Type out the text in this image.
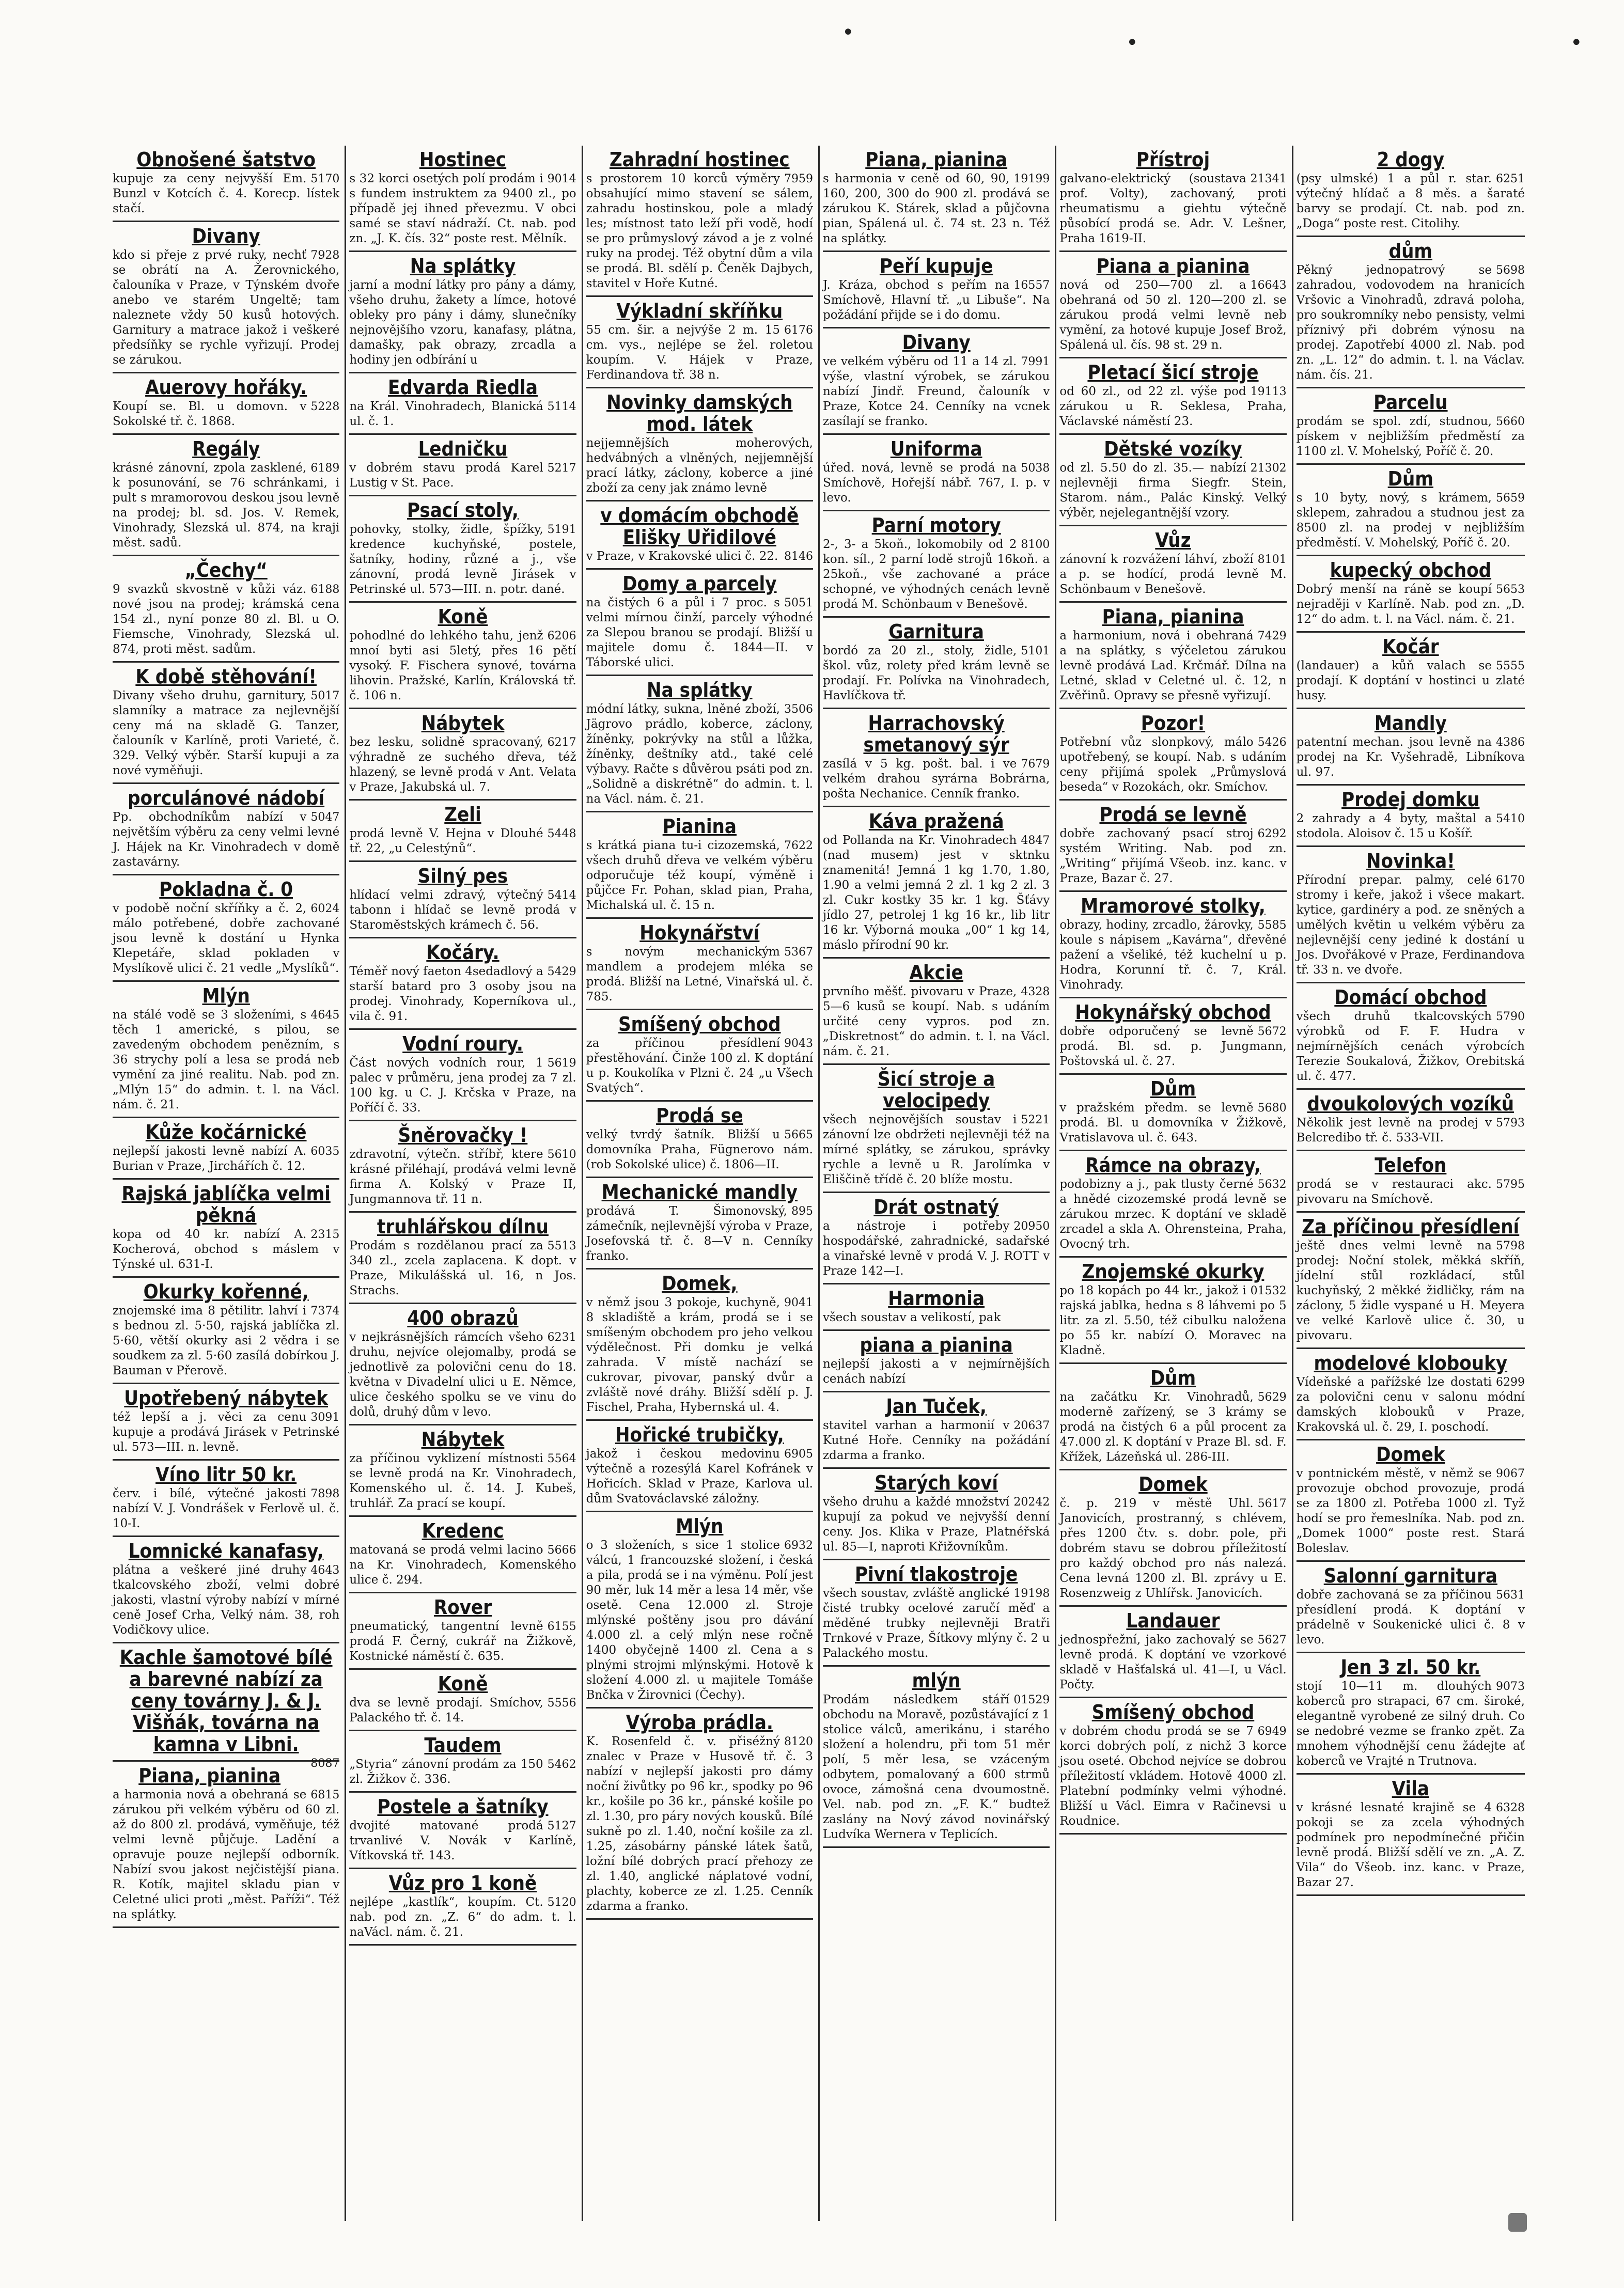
•	•	•
Obnošené šatstvo

5170
kupuje za ceny nejvyšší Em. Bunzl v Kotcích č. 4. Korесp. lístek stačí.

Divany

7928
kdo si přeje z prvé ruky, nechť se obrátí na A. Žerovnického, čalouníka v Praze, v Týnském dvoře anebo ve starém Ungeltě; tam naleznete vždy 50 kusů hotových. Garnitury a matrace jakož i veškeré předsíňky se rychle vyřizují. Prodej se zárukou.

Auerovy hořáky.

5228
Koupí se. Bl. u domovn. v Sokolské tř. č. 1868.

Regály

6189
krásné zánovní, zpola zasklené, k posunování, se 76 schránkami, i pult s mramorovou deskou jsou levně na prodej; bl. sd. Jos. V. Remek, Vinohrady, Slezská ul. 874, na kraji měst. sadů.

„Čechy“

6188
9 svazků skvostně v kůži váz. nové jsou na prodej; krámská cena 154 zl., nyní ponze 80 zl. Bl. u O. Fiemsche, Vinohrady, Slezská ul. 874, proti měst. sadům.

K době stěhování!

5017
Divany všeho druhu, garnitury, slamníky a matrace za nejlevnější ceny má na skladě G. Tanzer, čalouník v Karlíně, proti Varieté, č. 329. Velký výběr. Starší kupuji a za nové vyměňuji.

porculánové nádobí

5047
Pp. obchodníkům nabízí v největším výběru za ceny velmi levné J. Hájek na Kr. Vinohradech v domě zastavárny.

Pokladna č. 0

6024
v podobě noční skříňky a č. 2, málo potřebené, dobře zachované jsou levně k dostání u Hynka Klepetáře, sklad pokladen v Myslíkově ulici č. 21 vedle „Myslíků“.

Mlýn

4645
na stálé vodě se 3 složeními, s těch 1 americké, s pilou, se zavedeným obchodem penězním, s 36 strychy polí a lesa se prodá neb vymění za jiné realitu. Nab. pod zn. „Mlýn 15“ do admin. t. l. na Václ. nám. č. 21.

Kůže kočárnické

6035
nejlepší jakosti levně nabízí A. Burian v Praze, Jirchářích č. 12.

Rajská jablíčka velmi pěkná

2315
kopa od 40 kr. nabízí A. Kocherová, obchod s máslem v Týnské ul. 631-I.

Okurky kořenné,

7374
znojemské ima 8 pětilitr. lahví i s bednou zl. 5·50, rajská jablíčka zl. 5·60, větší okurky asi 2 vědra i se soudkem za zl. 5·60 zasílá dobírkou J. Bauman v Přerově.

Upotřebený nábytek

3091
též lepší a j. věci za cenu kupuje a prodává Jirásek v Petrinské ul. 573—III. n. levně.

Víno litr 50 kr.

7898
červ. i bílé, výtečné jakosti nabízí V. J. Vondrášek v Ferlově ul. č. 10-I.

Lomnické kanafasy,

4643
plátna a veškeré jiné druhy tkalcovského zboží, velmi dobré jakosti, vlastní výroby nabízí v mírné ceně Josef Crha, Velký nám. 38, roh Vodičkovy ulice.

Kachle šamotové bílé a barevné nabízí za ceny továrny J. & J. Višňák, továrna na kamna v Libni.

8087

Piana, pianina

6815
a harmonia nová a obehraná se zárukou při velkém výběru od 60 zl. až do 800 zl. prodává, vyměňuje, též velmi levně půjčuje. Ladění a opravuje pouze nejlepší odborník. Nabízí svou jakost nejčistější piana. R. Kotík, majitel skladu pian v Celetné ulici proti „měst. Paříži“. Též na splátky.

Hostinec

9014
s 32 korci osetých polí prodám i s fundem instruktem za 9400 zl., po případě jej ihned převezmu. V obci samé se staví nádraží. Ct. nab. pod zn. „J. K. čís. 32“ poste rest. Mělník.

Na splátky

jarní a modní látky pro pány a dámy, všeho druhu, žakety a límce, hotové obleky pro pány i dámy, slunečníky nejnovějšího vzoru, kanafasy, plátna, damašky, pak obrazy, zrcadla a hodiny jen odbírání u

Edvarda Riedla

5114
na Král. Vinohradech, Blanická ul. č. 1.

Ledničku

5217
v dobrém stavu prodá Karel Lustig v St. Pace.

Psací stoly,

5191
pohovky, stolky, židle, špížky, kredence kuchyňské, postele, šatníky, hodiny, různé a j., vše zánovní, prodá levně Jirásek v Petrinské ul. 573—III. n. potr. dané.

Koně

6206
pohodlné do lehkého tahu, jenž mnoí byti asi 5letý, přes 16 pětí vysoký. F. Fischera synové, továrna lihovin. Pražské, Karlín, Královská tř. č. 106 n.

Nábytek

6217
bez lesku, solidně spracovaný, výhradně ze suchého dřeva, též hlazený, se levně prodá v Ant. Velata v Praze, Jakubská ul. 7.

Zeli

5448
prodá levně V. Hejna v Dlouhé tř. 22, „u Celestýnů“.

Silný pes

5414
hlídací velmi zdravý, výtečný tabonn i hlídač se levně prodá v Staroměstských krámech č. 56.

Kočáry.

5429
Téměř nový faeton 4sedadlový a starší batard pro 3 osoby jsou na prodej. Vinohrady, Koperníkova ul., vila č. 91.

Vodní roury.

5619
Část nových vodních rour, 1 palec v průměru, jena prodej za 7 zl. 100 kg. u C. J. Krčska v Praze, na Poříčí č. 33.

Šněrovačky !

5610
zdravotní, výtečn. stříbř, ktere krásné přiléhají, prodává velmi levně firma A. Kolský v Praze II, Jungmannova tř. 11 n.

truhlářskou dílnu

5513
Prodám s rozdělanou prací za 340 zl., zcela zaplacena. K dopt. v Praze, Mikulášská ul. 16, n Jos. Strachs.

400 obrazů

6231
v nejkrásnějších rámcích všeho druhu, nejvíce olejomalby, prodá se jednotlivě za polovični cenu do 18. května v Divadelní ulici u E. Němce, ulice českého spolku se ve vinu do dolů, druhý dům v levo.

Nábytek

5564
za příčinou vyklizení místnosti se levně prodá na Kr. Vinohradech, Komenského ul. č. 14. J. Kubeš, truhlář. Za prací se koupí.

Kredenc

5666
matovaná se prodá velmi lacino na Kr. Vinohradech, Komenského ulice č. 294.

Rover

6155
pneumatický, tangentní levně prodá F. Černý, cukrář na Žižkově, Kostnické náměstí č. 635.

Koně

5556
dva se levně prodají. Smíchov, Palackého tř. č. 14.

Taudem

5462
„Styria“ zánovní prodám za 150 zl. Žižkov č. 336.

Postele a šatníky

5127
dvojité matované prodá trvanlivé V. Novák v Karlíně, Vítkovská tř. 143.

Vůz pro 1 koně

5120
nejlépe „kastlík“, koupím. Ct. nab. pod zn. „Z. 6“ do adm. t. l. naVácl. nám. č. 21.

Zahradní hostinec

7959
s prostorem 10 korců výměry obsahující mimo stavení se sálem, zahradu hostinskou, pole a mladý les; místnost tato leží při vodě, hodí se pro průmyslový závod a je z volné ruky na prodej. Též obytní dům a vila se prodá. Bl. sdělí p. Čeněk Dajbych, stavitel v Hoře Kutné.

Výkladní skříňku

6176
55 cm. šir. a nejvýše 2 m. 15 cm. vys., nejlépe se žel. roletou koupím. V. Hájek v Praze, Ferdinandova tř. 38 n.

Novinky damských mod. látek

nejjemnějších moherových, hedvábných a vlněných, nejjemnější prací látky, záclony, koberce a jiné zboží za ceny jak známo levně

v domácím obchodě Elišky Uřidilové

8146
v Praze, v Krakovské ulici č. 22.

Domy a parcely

5051
na čistých 6 a půl i 7 proc. s velmi mírnou činží, parcely výhodné za Slepou branou se prodají. Bližší u majitele domu č. 1844—II. v Táborské ulici.

Na splátky

3506
módní látky, sukna, lněné zboží, Jägrovo prádlo, koberce, záclony, žíněnky, pokrývky na stůl a lůžka, žíněnky, deštníky atd., také celé výbavy. Račte s důvěrou psáti pod zn. „Solidně a diskrétně“ do admin. t. l. na Václ. nám. č. 21.

Pianina

7622
s krátká piana tu-i cizozemská, všech druhů dřeva ve velkém výběru odporučuje též koupí, výměně i půjčce Fr. Pohan, sklad pian, Praha, Michalská ul. č. 15 n.

Hokynářství

5367
s novým mechanickým mandlem a prodejem mléka se prodá. Bližší na Letné, Vinařská ul. č. 785.

Smíšený obchod

9043
za příčinou přesídlení přestěhování. Činže 100 zl. K doptání u p. Koukolíka v Plzni č. 24 „u Všech Svatých“.

Prodá se

5665
velký tvrdý šatník. Bližší u domovníka Praha, Fügnerovo nám. (rob Sokolské ulice) č. 1806—II.

Mechanické mandly

895
prodává T. Šimonovský, zámečník, nejlevnější výroba v Praze, Josefovská tř. č. 8—V n. Cenníky franko.

Domek,

9041
v němž jsou 3 pokoje, kuchyně, 8 skladiště a krám, prodá se i se smíšeným obchodem pro jeho velkou výdělečnost. Při domku je velká zahrada. V místě nachází se cukrovar, pivovar, panský dvůr a zvláště nové dráhy. Bližší sdělí p. J. Fischel, Praha, Hybernská ul. 4.

Hořické trubičky,

6905
jakož i českou medovinu výtečně a rozesýlá Karel Kofránek v Hořicích. Sklad v Praze, Karlova ul. dům Svatováclavské záložny.

Mlýn

6932
o 3 složeních, s sice 1 stolice válcú, 1 francouzské složení, i česká a pila, prodá se i na výměnu. Polí jest 90 měr, luk 14 měr a lesa 14 měr, vše osetě. Cena 12.000 zl. Stroje mlýnské poštěny jsou pro dávání 4.000 zl. a celý mlýn nese ročně 1400 obyčejně 1400 zl. Cena a s plnými strojmi mlýnskými. Hotově k složení 4.000 zl. u majitele Tomáše Bnčka v Žirovnici (Čechy).

Výroba prádla.

8120
K. Rosenfeld č. v. přiséžný znalec v Praze v Husově tř. č. 3 nabízí v nejlepší jakosti pro dámy noční živůtky po 96 kr., spodky po 96 kr., košile po 36 kr., pánské košile po zl. 1.30, pro páry nových kousků. Bílé sukně po zl. 1.40, noční košile za zl. 1.25, zásobárny pánské látek šatů, ložní bílé dobrých prací přehozy ze zl. 1.40, anglické náplatové vodní, plachty, koberce ze zl. 1.25. Cenník zdarma a franko.

Piana, pianina

19199
s harmonia v ceně od 60, 90, 160, 200, 300 do 900 zl. prodává se zárukou K. Stárek, sklad a půjčovna pian, Spálená ul. č. 74 st. 23 n. Též na splátky.

Peří kupuje

16557
J. Kráza, obchod s peřím na Smíchově, Hlavní tř. „u Libuše“. Na požádání přijde se i do domu.

Divany

7991
ve velkém výběru od 11 a 14 zl. výše, vlastní výrobek, se zárukou nabízí Jindř. Freund, čalouník v Praze, Kotce 24. Cenníky na vcnek zasílají se franko.

Uniforma

5038
úřed. nová, levně se prodá na Smíchově, Hořejší nábř. 767, I. p. v levo.

Parní motory

8100
2-, 3- a 5koň., lokomobily od 2 kon. síl., 2 parní lodě strojů 16koň. a 25koň., vše zachované a práce schopné, ve výhodných cenách levně prodá M. Schönbaum v Benešově.

Garnitura

5101
bordó za 20 zl., stoly, židle, škol. vůz, rolety před krám levně se prodají. Fr. Polívka na Vinohradech, Havlíčkova tř.

Harrachovský smetanový sýr

7679
zasílá v 5 kg. pošt. bal. i ve velkém drahou syrárna Bobrárna, pošta Nechanice. Cenník franko.

Káva pražená

4847
od Pollanda na Kr. Vinohradech (nad musem) jest v sktnku znamenitá! Jemná 1 kg 1.70, 1.80, 1.90 a velmi jemná 2 zl. 1 kg 2 zl. 3 zl. Cukr kostky 35 kr. 1 kg. Šťávy jídlo 27, petrolej 1 kg 16 kr., lib litr 16 kr. Výborná mouka „00“ 1 kg 14, máslo přírodní 90 kr.

Akcie

4328
prvního měšť. pivovaru v Praze, 5—6 kusů se koupí. Nab. s udáním určité ceny vypros. pod zn. „Diskretnost“ do admin. t. l. na Václ. nám. č. 21.

Šicí stroje a velocipedy

5221
všech nejnovějších soustav i zánovní lze obdržeti nejlevněji též na mírné splátky, se zárukou, správky rychle a levně u R. Jarolímka v Eliščině třídě č. 20 blíže mostu.

Drát ostnatý

20950
a nástroje i potřeby hospodářské, zahradnické, sadařské a vinařské levně v prodá V. J. ROTT v Praze 142—I.

Harmonia

všech soustav a velikostí, pak

piana a pianina

nejlepší jakosti a v nejmírnějších cenách nabízí

Jan Tuček,

20637
stavitel varhan a harmonií v Kutné Hoře. Cenníky na požádání zdarma a franko.

Starých koví

20242
všeho druhu a každé množství kupují za pokud ve nejvyšší denní ceny. Jos. Klika v Praze, Platnéřská ul. 85—I, naproti Křižovníkům.

Pivní tlakostroje

19198
všech soustav, zvláště anglické čisté trubky ocelové zaručí měď a měděné trubky nejlevněji Bratři Trnkové v Praze, Šítkovy mlýny č. 2 u Palackého mostu.

mlýn

01529
Prodám následkem stáří obchodu na Moravě, pozůstávající z 1 stolice válců, amerikánu, i starého složení a holendru, při tom 51 měr polí, 5 měr lesa, se vzáceným odbytem, pomalovaný a 600 strmů ovoce, zámošná cena dvoumostně. Vel. nab. pod zn. „F. K.“ budtež zaslány na Nový závod novinářský Ludvíka Wernera v Teplicích.

Přístroj

21341
galvano-elektrický (soustava prof. Volty), zachovaný, proti rheumatismu a giehtu výtečně působící prodá se. Adr. V. Lešner, Praha 1619-II.

Piana a pianina

16643
nová od 250—700 zl. a obehraná od 50 zl. 120—200 zl. se zárukou prodá velmi levně neb vymění, za hotové kupuje Josef Brož, Spálená ul. čís. 98 st. 29 n.

Pletací šicí stroje

19113
od 60 zl., od 22 zl. výše pod zárukou u R. Seklesa, Praha, Václavské náměstí 23.

Dětské vozíky

21302
od zl. 5.50 do zl. 35.— nabízí nejlevněji firma Siegfr. Stein, Starom. nám., Palác Kinský. Velký výběr, nejelegantnější vzory.

Vůz

8101
zánovní k rozvážení láhví, zboží a p. se hodící, prodá levně M. Schönbaum v Benešově.

Piana, pianina

7429
a harmonium, nová i obehraná a na splátky, s výčeletou zárukou levně prodává Lad. Krčmář. Dílna na Letné, sklad v Celetné ul. č. 12, n Zvěřinů. Opravy se přesně vyřizují.

Pozor!

5426
Potřební vůz slonpkový, málo upotřebený, se koupí. Nab. s udáním ceny přijímá spolek „Průmyslová beseda“ v Rozokách, okr. Smíchov.

Prodá se levně

6292
dobře zachovaný psací stroj systém Writing. Nab. pod zn. „Writing“ přijímá Všeob. inz. kanc. v Praze, Bazar č. 27.

Mramorové stolky,

5585
obrazy, hodiny, zrcadlo, žárovky, koule s nápisem „Kavárna“, dřevěné pažení a všeliké, též kuchelní u p. Hodra, Korunní tř. č. 7, Král. Vinohrady.

Hokynářský obchod

5672
dobře odporučený se levně prodá. Bl. sd. p. Jungmann, Poštovská ul. č. 27.

Dům

5680
v pražském předm. se levně prodá. Bl. u domovníka v Žižkově, Vratislavova ul. č. 643.

Rámce na obrazy,

5632
podobizny a j., pak tlusty černé a hnědé cizozemské prodá levně se zárukou mrzec. K doptání ve skladě zrcadel a skla A. Ohrensteina, Praha, Ovocný trh.

Znojemské okurky

01532
po 18 kopách po 44 kr., jakož i rajská jablka, hedna s 8 láhvemi po 5 litr. za zl. 5.50, též cibulku naložena po 55 kr. nabízí O. Moravec na Kladně.

Dům

5629
na začátku Kr. Vinohradů, moderně zařízený, se 3 krámy se prodá na čistých 6 a půl procent za 47.000 zl. K doptání v Praze Bl. sd. F. Křížek, Lázeňská ul. 286-III.

Domek

5617
č. p. 219 v městě Uhl. Janovicích, prostranný, s chlévem, přes 1200 čtv. s. dobr. pole, při dobrém stavu se dobrou příležitostí pro každý obchod pro nás nalezá. Cena levná 1200 zl. Bl. zprávy u E. Rosenzweig z Uhlířsk. Janovicích.

Landauer

5627
jednospřežní, jako zachovalý se levně prodá. K doptání ve vzorkové skladě v Hašťalská ul. 41—I, u Václ. Počty.

Smíšený obchod

6949
v dobrém chodu prodá se se 7 korci dobrých polí, z nichž 3 korce jsou oseté. Obchod nejvíce se dobrou příležitostí vkládem. Hotově 4000 zl. Platební podmínky velmi výhodné. Bližší u Václ. Eimra v Račinevsi u Roudnice.

2 dogy

6251
(psy ulmské) 1 a půl r. star. výtečný hlídač a 8 měs. a šaraté barvy se prodají. Ct. nab. pod zn. „Doga“ poste rest. Citolihy.

dům

5698
Pěkný jednopatrový se zahradou, vodovodem na hranicích Vršovic a Vinohradů, zdravá poloha, pro soukromníky nebo pensisty, velmi příznivý při dobrém výnosu na prodej. Zapotřebí 4000 zl. Nab. pod zn. „L. 12“ do admin. t. l. na Václav. nám. čís. 21.

Parcelu

5660
prodám se spol. zdí, studnou, pískem v nejbližším předměstí za 1100 zl. V. Mohelský, Poříč č. 20.

Dům

5659
s 10 byty, nový, s krámem, sklepem, zahradou a studnou jest za 8500 zl. na prodej v nejbližším předměstí. V. Mohelský, Poříč č. 20.

kupecký obchod

5653
Dobrý menší na ráně se koupí nejraději v Karlíně. Nab. pod zn. „D. 12“ do adm. t. l. na Václ. nám. č. 21.

Kočár

5555
(landauer) a kůň valach se prodají. K doptání v hostinci u zlaté husy.

Mandly

4386
patentní mechan. jsou levně na prodej na Kr. Vyšehradě, Libníkova ul. 97.

Prodej domku

5410
2 zahrady a 4 byty, maštal a stodola. Aloisov č. 15 u Košíř.

Novinka!

6170
Přírodní prepar. palmy, celé stromy i keře, jakož i všece makart. kytice, gardinéry a pod. ze sněných a umělých květin u velkém výběru za nejlevnější ceny jediné k dostání u Jos. Dvořákové v Praze, Ferdinandova tř. 33 n. ve dvoře.

Domácí obchod

5790
všech druhů tkalcovských výrobků od F. F. Hudra v nejmírnějších cenách výrobcích Terezie Soukalová, Žižkov, Orebitská ul. č. 477.

dvoukolových vozíků

5793
Několik jest levně na prodej v Belcredibo tř. č. 533-VII.

Telefon

5795
prodá se v restauraci akc. pivovaru na Smíchově.

Za příčinou přesídlení

5798
ještě dnes velmi levně na prodej: Noční stolek, měkká skříň, jídelní stůl rozkládací, stůl kuchyňský, 2 měkké židličky, rám na záclony, 5 židle vyspané u H. Meyera ve velké Karlově ulice č. 30, u pivovaru.

modelové klobouky

6299
Vídeňské a pařížské lze dostati za polovični cenu v salonu módní damských klobouků v Praze, Krakovská ul. č. 29, I. poschodí.

Domek

9067
v pontnickém městě, v němž se provozuje obchod provozuje, prodá se za 1800 zl. Potřeba 1000 zl. Tyž hodí se pro řemeslníka. Nab. pod zn. „Domek 1000“ poste rest. Stará Boleslav.

Salonní garnitura

5631
dobře zachovaná se za příčinou přesídlení prodá. K doptání v prádelně v Soukenické ulici č. 8 v levo.

Jen 3 zl. 50 kr.

9073
stojí 10—11 m. dlouhých koberců pro strapaci, 67 cm. široké, elegantně vyrobené ze silný druh. Co se nedobré vezme se franko zpět. Za mnohem výhodnější cenu žádejte ať koberců ve Vrajté n Trutnova.

Vila

6328
v krásné lesnaté krajině se 4 pokoji se za zcela výhodných podmínek pro nepodmínečné přičin levně prodá. Bližší sdělí ve zn. „A. Z. Vila“ do Všeob. inz. kanc. v Praze, Bazar 27.
